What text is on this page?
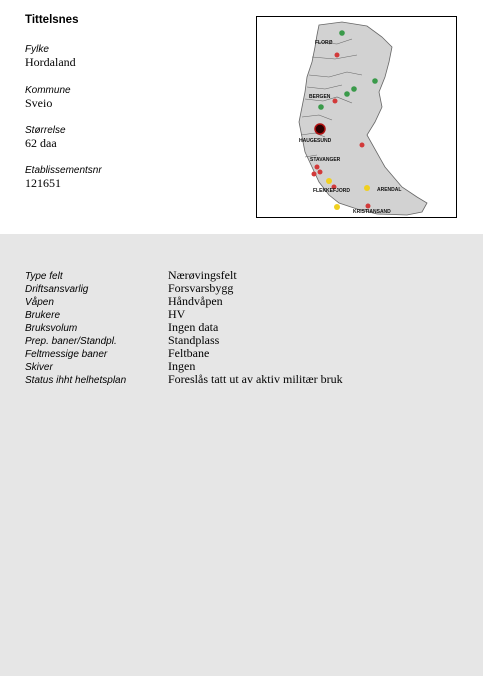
Tittelsnes
Fylke
Hordaland
Kommune
Sveio
Størrelse
62 daa
Etablissementsnr
121651
FLORØ
BERGEN
HAUGESUND
STAVANGER
FLEKKEFJORD	ARENDAL
KRISTIANSAND
Type felt	Nærøvingsfelt
Driftsansvarlig	Forsvarsbygg
Våpen	Håndvåpen
Brukere	HV
Bruksvolum	Ingen data
Prep. baner/Standpl.	Standplass
Feltmessige baner	Feltbane
Skiver	Ingen
Status ihht helhetsplan	Foreslås tatt ut av aktiv militær bruk
